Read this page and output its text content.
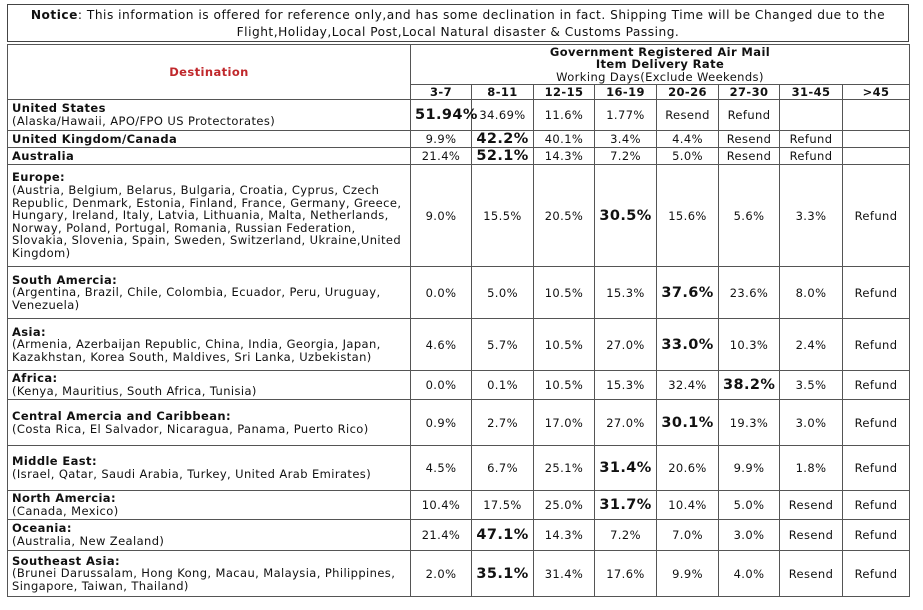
Notice: This information is offered for reference only,and has some declination in fact. Shipping Time will be Changed due to the Flight,Holiday,Local Post,Local Natural disaster & Customs Passing.
Destination	Government Registered Air Mail
Item Delivery Rate
Working Days(Exclude Weekends)							

	3-7	8-11	12-15	16-19	20-26	27-30	31-45	>45

United States
(Alaska/Hawaii, APO/FPO US Protectorates)	51.94%	34.69%	11.6%	1.77%	Resend	Refund		

United Kingdom/Canada	9.9%	42.2%	40.1%	3.4%	4.4%	Resend	Refund	

Australia	21.4%	52.1%	14.3%	7.2%	5.0%	Resend	Refund	

Europe:
(Austria, Belgium, Belarus, Bulgaria, Croatia, Cyprus, Czech Republic, Denmark, Estonia, Finland, France, Germany, Greece, Hungary, Ireland, Italy, Latvia, Lithuania, Malta, Netherlands, Norway, Poland, Portugal, Romania, Russian Federation, Slovakia, Slovenia, Spain, Sweden, Switzerland, Ukraine,United Kingdom)	9.0%	15.5%	20.5%	30.5%	15.6%	5.6%	3.3%	Refund

South Amercia:
(Argentina, Brazil, Chile, Colombia, Ecuador, Peru, Uruguay, Venezuela)	0.0%	5.0%	10.5%	15.3%	37.6%	23.6%	8.0%	Refund

Asia:
(Armenia, Azerbaijan Republic, China, India, Georgia, Japan, Kazakhstan, Korea South, Maldives, Sri Lanka, Uzbekistan)	4.6%	5.7%	10.5%	27.0%	33.0%	10.3%	2.4%	Refund

Africa:
(Kenya, Mauritius, South Africa, Tunisia)	0.0%	0.1%	10.5%	15.3%	32.4%	38.2%	3.5%	Refund

Central Amercia and Caribbean:
(Costa Rica, El Salvador, Nicaragua, Panama, Puerto Rico)	0.9%	2.7%	17.0%	27.0%	30.1%	19.3%	3.0%	Refund

Middle East:
(Israel, Qatar, Saudi Arabia, Turkey, United Arab Emirates)	4.5%	6.7%	25.1%	31.4%	20.6%	9.9%	1.8%	Refund

North Amercia:
(Canada, Mexico)	10.4%	17.5%	25.0%	31.7%	10.4%	5.0%	Resend	Refund

Oceania:
(Australia, New Zealand)	21.4%	47.1%	14.3%	7.2%	7.0%	3.0%	Resend	Refund

Southeast Asia:
(Brunei Darussalam, Hong Kong, Macau, Malaysia, Philippines, Singapore, Taiwan, Thailand)	2.0%	35.1%	31.4%	17.6%	9.9%	4.0%	Resend	Refund
